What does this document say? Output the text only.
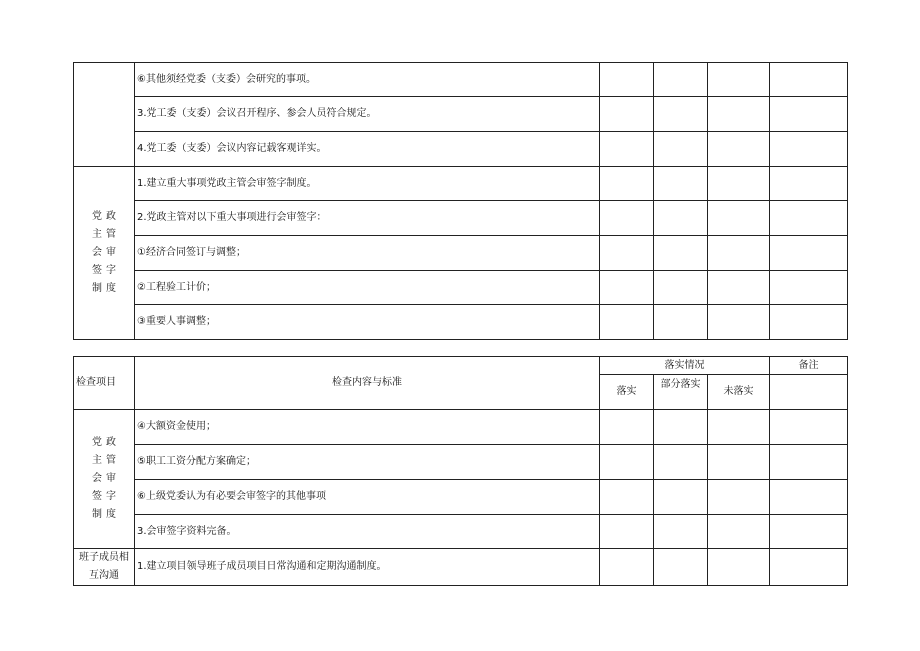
	⑥其他须经党委（支委）会研究的事项。				
	3.党工委（支委）会议召开程序、参会人员符合规定。				
	4.党工委（支委）会议内容记载客观详实。				
党政主管会审签字制度	1.建立重大事项党政主管会审签字制度。				
	2.党政主管对以下重大事项进行会审签字：				
	①经济合同签订与调整；				
	②工程验工计价；				
	③重要人事调整；				
检查项目	检查内容与标准	落实情况			备注
		落实	部分落实	未落实	
党政主管会审签字制度	④大额资金使用；				
	⑤职工工资分配方案确定；				
	⑥上级党委认为有必要会审签字的其他事项				
	3.会审签字资料完备。				
班子成员相互沟通	1.建立项目领导班子成员项目日常沟通和定期沟通制度。				
